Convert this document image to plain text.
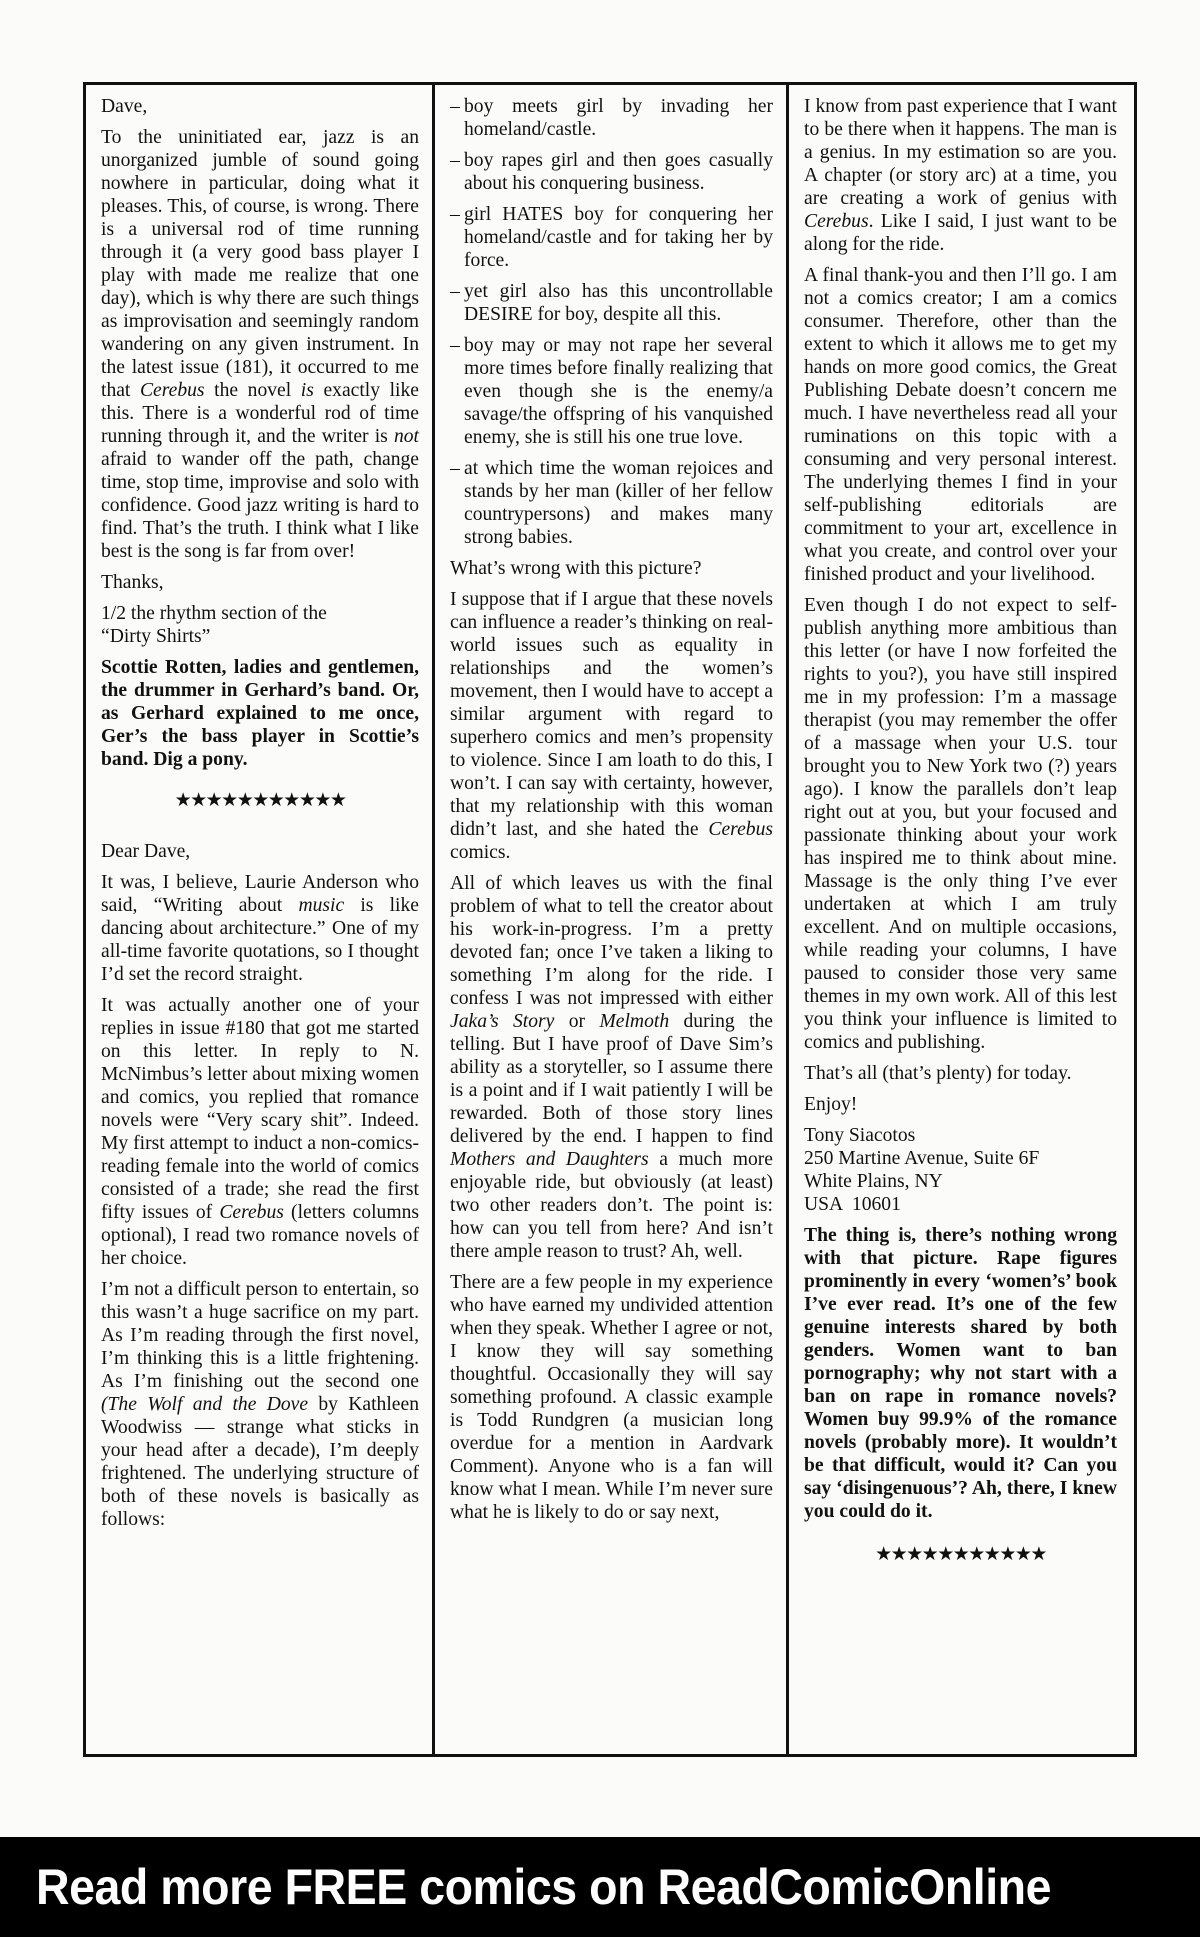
Dave,

To the uninitiated ear, jazz is an unorganized jumble of sound going nowhere in particular, doing what it pleases. This, of course, is wrong. There is a universal rod of time running through it (a very good bass player I play with made me realize that one day), which is why there are such things as improvisation and seemingly random wandering on any given instrument. In the latest issue (181), it occurred to me that Cerebus the novel is exactly like this. There is a wonderful rod of time running through it, and the writer is not afraid to wander off the path, change time, stop time, improvise and solo with confidence. Good jazz writing is hard to find. That’s the truth. I think what I like best is the song is far from over!

Thanks,

1/2 the rhythm section of the

“Dirty Shirts”

Scottie Rotten, ladies and gentlemen, the drummer in Gerhard’s band. Or, as Gerhard explained to me once, Ger’s the bass player in Scottie’s band. Dig a pony.

★★★★★★★★★★★

Dear Dave,

It was, I believe, Laurie Anderson who said, “Writing about music is like dancing about architecture.” One of my all-time favorite quotations, so I thought I’d set the record straight.

It was actually another one of your replies in issue #180 that got me started on this letter. In reply to N. McNimbus’s letter about mixing women and comics, you replied that romance novels were “Very scary shit”. Indeed. My first attempt to induct a non-comics-reading female into the world of comics consisted of a trade; she read the first fifty issues of Cerebus (letters columns optional), I read two romance novels of her choice.

I’m not a difficult person to entertain, so this wasn’t a huge sacrifice on my part. As I’m reading through the first novel, I’m thinking this is a little frightening. As I’m finishing out the second one (The Wolf and the Dove by Kathleen Woodwiss — strange what sticks in your head after a decade), I’m deeply frightened. The underlying structure of both of these novels is basically as follows:

– boy meets girl by invading her homeland/castle.
– boy rapes girl and then goes casually about his conquering business.
– girl HATES boy for conquering her homeland/castle and for taking her by force.
– yet girl also has this uncontrollable DESIRE for boy, despite all this.
– boy may or may not rape her several more times before finally realizing that even though she is the enemy/a savage/the offspring of his vanquished enemy, she is still his one true love.
– at which time the woman rejoices and stands by her man (killer of her fellow countrypersons) and makes many strong babies.

What’s wrong with this picture?

I suppose that if I argue that these novels can influence a reader’s thinking on real-world issues such as equality in relationships and the women’s movement, then I would have to accept a similar argument with regard to superhero comics and men’s propensity to violence. Since I am loath to do this, I won’t. I can say with certainty, however, that my relationship with this woman didn’t last, and she hated the Cerebus comics.

All of which leaves us with the final problem of what to tell the creator about his work-in-progress. I’m a pretty devoted fan; once I’ve taken a liking to something I’m along for the ride. I confess I was not impressed with either Jaka’s Story or Melmoth during the telling. But I have proof of Dave Sim’s ability as a storyteller, so I assume there is a point and if I wait patiently I will be rewarded. Both of those story lines delivered by the end. I happen to find Mothers and Daughters a much more enjoyable ride, but obviously (at least) two other readers don’t. The point is: how can you tell from here? And isn’t there ample reason to trust? Ah, well.

There are a few people in my experience who have earned my undivided attention when they speak. Whether I agree or not, I know they will say something thoughtful. Occasionally they will say something profound. A classic example is Todd Rundgren (a musician long overdue for a mention in Aardvark Comment). Anyone who is a fan will know what I mean. While I’m never sure what he is likely to do or say next,

I know from past experience that I want to be there when it happens. The man is a genius. In my estimation so are you. A chapter (or story arc) at a time, you are creating a work of genius with Cerebus. Like I said, I just want to be along for the ride.

A final thank-you and then I’ll go. I am not a comics creator; I am a comics consumer. Therefore, other than the extent to which it allows me to get my hands on more good comics, the Great Publishing Debate doesn’t concern me much. I have nevertheless read all your ruminations on this topic with a consuming and very personal interest. The underlying themes I find in your self-publishing editorials are commitment to your art, excellence in what you create, and control over your finished product and your livelihood.

Even though I do not expect to self-publish anything more ambitious than this letter (or have I now forfeited the rights to you?), you have still inspired me in my profession: I’m a massage therapist (you may remember the offer of a massage when your U.S. tour brought you to New York two (?) years ago). I know the parallels don’t leap right out at you, but your focused and passionate thinking about your work has inspired me to think about mine. Massage is the only thing I’ve ever undertaken at which I am truly excellent. And on multiple occasions, while reading your columns, I have paused to consider those very same themes in my own work. All of this lest you think your influence is limited to comics and publishing.

That’s all (that’s plenty) for today.

Enjoy!

Tony Siacotos
250 Martine Avenue, Suite 6F
White Plains, NY
USA  10601

The thing is, there’s nothing wrong with that picture. Rape figures prominently in every ‘women’s’ book I’ve ever read. It’s one of the few genuine interests shared by both genders. Women want to ban pornography; why not start with a ban on rape in romance novels? Women buy 99.9% of the romance novels (probably more). It wouldn’t be that difficult, would it? Can you say ‘disingenuous’? Ah, there, I knew you could do it.

★★★★★★★★★★★
Read more FREE comics on ReadComicOnline
